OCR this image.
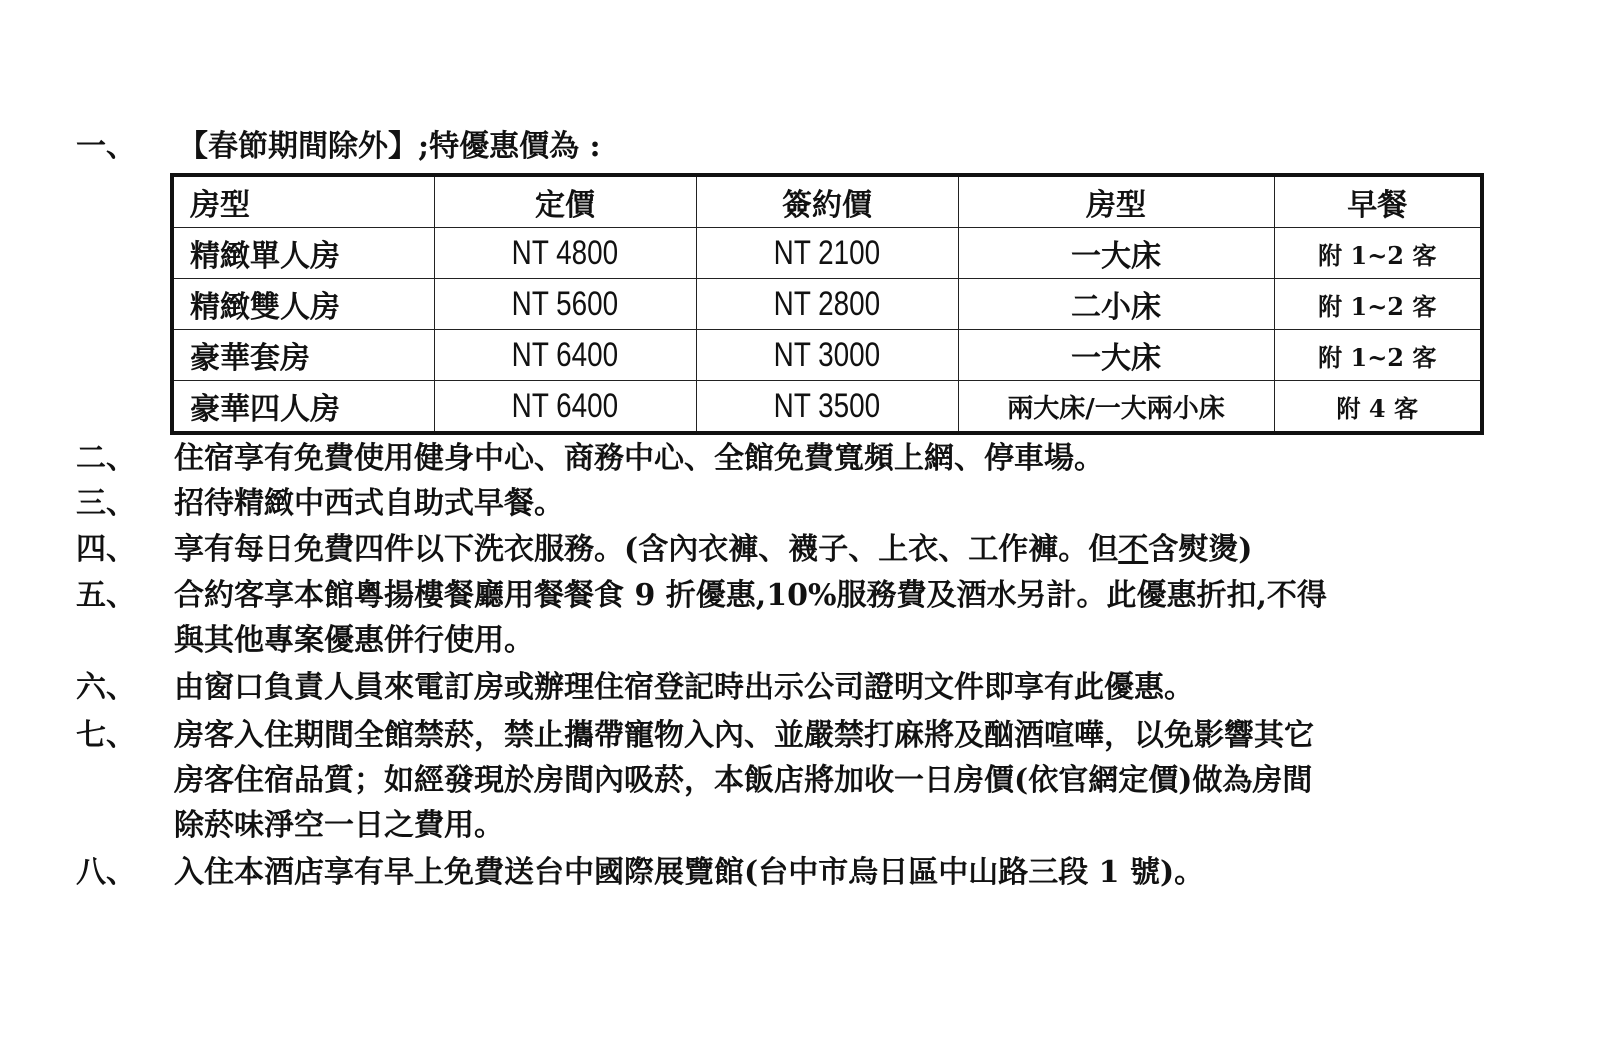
一、 【春節期間除外】;特優惠價為 :
房型	定價	簽約價	房型	早餐
精緻單人房	NT 4800	NT 2100	一大床	附 1~2 客
精緻雙人房	NT 5600	NT 2800	二小床	附 1~2 客
豪華套房	NT 6400	NT 3000	一大床	附 1~2 客
豪華四人房	NT 6400	NT 3500	兩大床/一大兩小床	附 4 客
二、 住宿享有免費使用健身中心、商務中心、全館免費寬頻上網、停車場。
三、 招待精緻中西式自助式早餐。
四、 享有每日免費四件以下洗衣服務。(含內衣褲、襪子、上衣、工作褲。但不含熨燙)
五、 合約客享本館粵揚樓餐廳用餐餐食 9 折優惠,10%服務費及酒水另計。此優惠折扣,不得
與其他專案優惠併行使用。
六、 由窗口負責人員來電訂房或辦理住宿登記時出示公司證明文件即享有此優惠。
七、 房客入住期間全館禁菸，禁止攜帶寵物入內、並嚴禁打麻將及酗酒喧嘩，以免影響其它
房客住宿品質；如經發現於房間內吸菸，本飯店將加收一日房價(依官網定價)做為房間
除菸味淨空一日之費用。
八、 入住本酒店享有早上免費送台中國際展覽館(台中市烏日區中山路三段 1 號)。
